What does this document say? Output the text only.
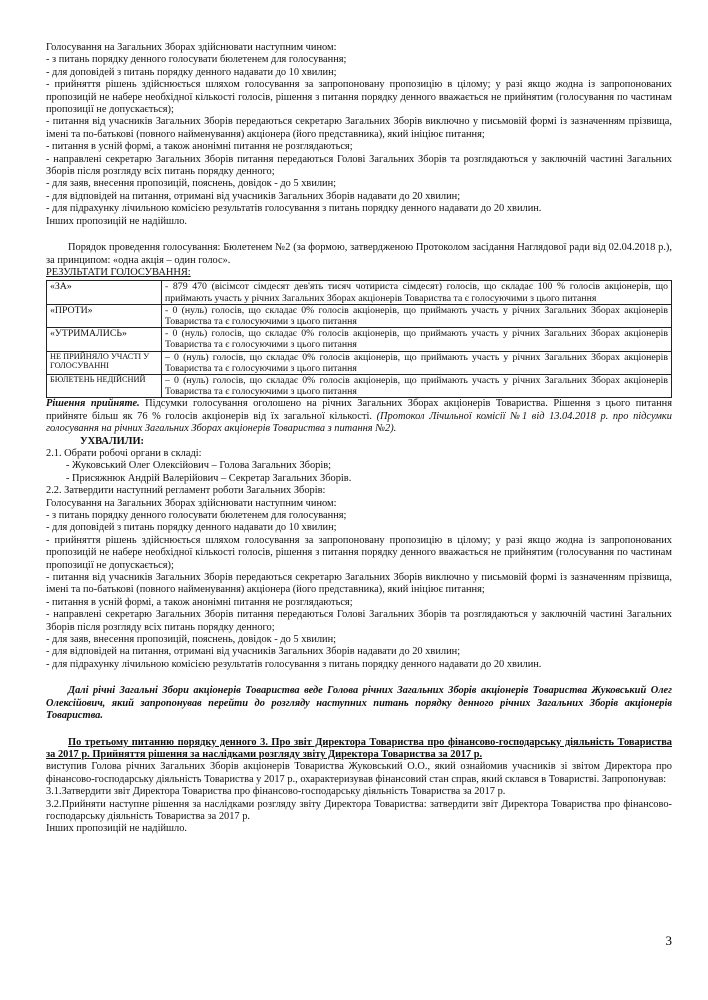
Голосування на Загальних Зборах здійснювати наступним чином:

- з питань порядку денного голосувати бюлетенем для голосування;

- для доповідей з питань порядку денного надавати до 10 хвилин;

- прийняття рішень здійснюється шляхом голосування за запропоновану пропозицію в цілому; у разі якщо жодна із запропонованих пропозицій не набере необхідної кількості голосів, рішення з питання порядку денного вважається не прийнятим (голосування по частинам пропозиції не допускається);

- питання від учасників Загальних Зборів передаються секретарю Загальних Зборів виключно у письмовій формі із зазначенням прізвища, імені та по-батькові (повного найменування) акціонера (його представника), який ініціює питання;

- питання в усній формі, а також анонімні питання не розглядаються;

- направлені секретарю Загальних Зборів питання передаються Голові Загальних Зборів та розглядаються у заключній частині Загальних Зборів після розгляду всіх питань порядку денного;

- для заяв, внесення пропозицій, пояснень, довідок - до 5 хвилин;

- для відповідей на питання, отримані від учасників Загальних Зборів надавати до 20 хвилин;

- для підрахунку лічильною комісією результатів голосування з питань порядку денного надавати до 20 хвилин.

Інших пропозицій не надійшло.

Порядок проведення голосування: Бюлетенем №2 (за формою, затвердженою Протоколом засідання Наглядової ради від 02.04.2018 р.), за принципом: «одна акція – один голос».

РЕЗУЛЬТАТИ ГОЛОСУВАННЯ:

«ЗА»	- 879 470 (вісімсот сімдесят дев'ять тисяч чотириста сімдесят) голосів, що складає 100 % голосів акціонерів, що приймають участь у річних Загальних Зборах акціонерів Товариства та є голосуючими з цього питання
«ПРОТИ»	- 0 (нуль) голосів, що складає 0% голосів акціонерів, що приймають участь у річних Загальних Зборах акціонерів Товариства та є голосуючими з цього питання
«УТРИМАЛИСЬ»	- 0 (нуль) голосів, що складає 0% голосів акціонерів, що приймають участь у річних Загальних Зборах акціонерів Товариства та є голосуючими з цього питання
НЕ ПРИЙНЯЛО УЧАСТІ У ГОЛОСУВАННІ	– 0 (нуль) голосів, що складає 0% голосів акціонерів, що приймають участь у річних Загальних Зборах акціонерів Товариства та є голосуючими з цього питання
БЮЛЕТЕНЬ НЕДІЙСНИЙ	– 0 (нуль) голосів, що складає 0% голосів акціонерів, що приймають участь у річних Загальних Зборах акціонерів Товариства та є голосуючими з цього питання

Рішення прийняте. Підсумки голосування оголошено на річних Загальних Зборах акціонерів Товариства. Рішення з цього питання прийняте більш як 76 % голосів акціонерів від їх загальної кількості. (Протокол Лічильної комісії №1 від 13.04.2018 р. про підсумки голосування на річних Загальних Зборах акціонерів Товариства з питання №2).

УХВАЛИЛИ:

2.1. Обрати робочі органи в складі:

- Жуковський Олег Олексійович – Голова Загальних Зборів;

- Присяжнюк Андрій Валерійович – Секретар Загальних Зборів.

2.2. Затвердити наступний регламент роботи Загальних Зборів:

Голосування на Загальних Зборах здійснювати наступним чином:

- з питань порядку денного голосувати бюлетенем для голосування;

- для доповідей з питань порядку денного надавати до 10 хвилин;

- прийняття рішень здійснюється шляхом голосування за запропоновану пропозицію в цілому; у разі якщо жодна із запропонованих пропозицій не набере необхідної кількості голосів, рішення з питання порядку денного вважається не прийнятим (голосування по частинам пропозиції не допускається);

- питання від учасників Загальних Зборів передаються секретарю Загальних Зборів виключно у письмовій формі із зазначенням прізвища, імені та по-батькові (повного найменування) акціонера (його представника), який ініціює питання;

- питання в усній формі, а також анонімні питання не розглядаються;

- направлені секретарю Загальних Зборів питання передаються Голові Загальних Зборів та розглядаються у заключній частині Загальних Зборів після розгляду всіх питань порядку денного;

- для заяв, внесення пропозицій, пояснень, довідок - до 5 хвилин;

- для відповідей на питання, отримані від учасників Загальних Зборів надавати до 20 хвилин;

- для підрахунку лічильною комісією результатів голосування з питань порядку денного надавати до 20 хвилин.

Далі річні Загальні Збори акціонерів Товариства веде Голова річних Загальних Зборів акціонерів Товариства Жуковський Олег Олексійович, який запропонував перейти до розгляду наступних питань порядку денного річних Загальних Зборів акціонерів Товариства.

По третьому питанню порядку денного 3. Про звіт Директора Товариства про фінансово-господарську діяльність Товариства за 2017 р. Прийняття рішення за наслідками розгляду звіту Директора Товариства за 2017 р.

виступив Голова річних Загальних Зборів акціонерів Товариства Жуковський О.О., який ознайомив учасників зі звітом Директора про фінансово-господарську діяльність Товариства у 2017 р., охарактеризував фінансовий стан справ, який склався в Товаристві. Запропонував:

3.1.Затвердити звіт Директора Товариства про фінансово-господарську діяльність Товариства за 2017 р.

3.2.Прийняти наступне рішення за наслідками розгляду звіту Директора Товариства: затвердити звіт Директора Товариства про фінансово-господарську діяльність Товариства за 2017 р.

Інших пропозицій не надійшло.

3
